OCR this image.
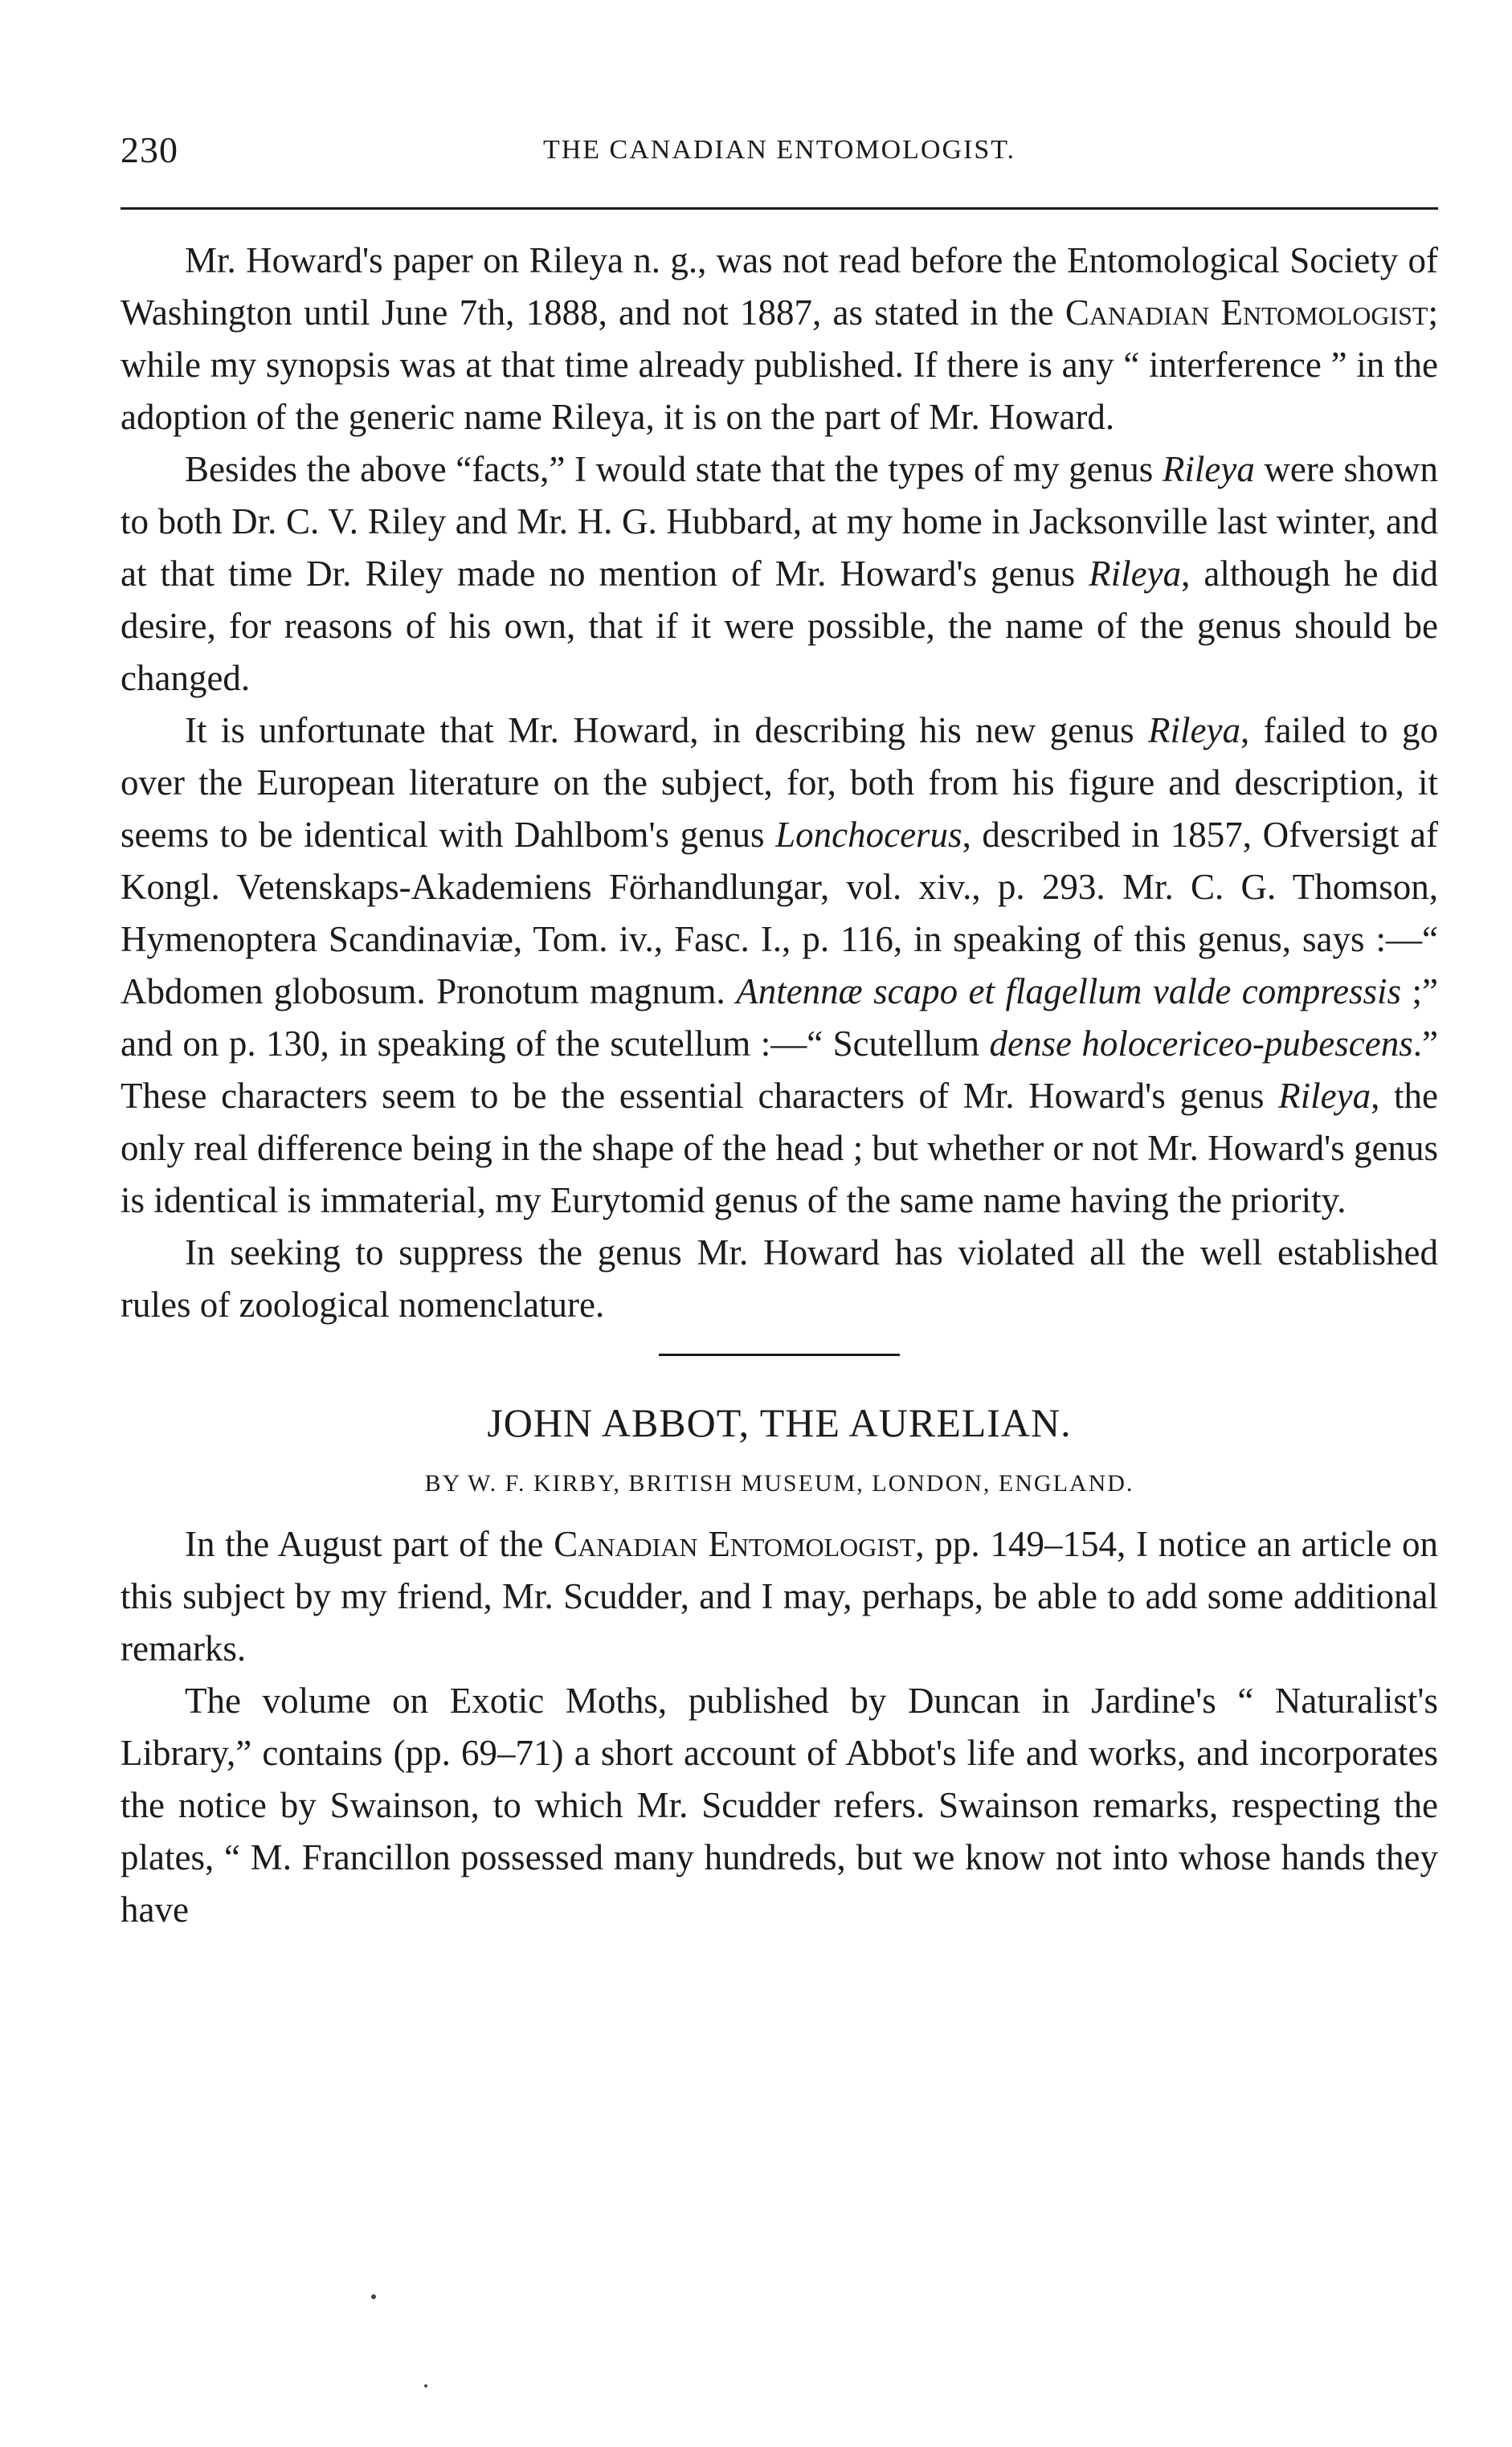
230	THE CANADIAN ENTOMOLOGIST.

Mr. Howard's paper on Rileya n. g., was not read before the Entomological Society of Washington until June 7th, 1888, and not 1887, as stated in the Canadian Entomologist; while my synopsis was at that time already published. If there is any “ interference ” in the adoption of the generic name Rileya, it is on the part of Mr. Howard.

Besides the above “facts,” I would state that the types of my genus Rileya were shown to both Dr. C. V. Riley and Mr. H. G. Hubbard, at my home in Jacksonville last winter, and at that time Dr. Riley made no mention of Mr. Howard's genus Rileya, although he did desire, for reasons of his own, that if it were possible, the name of the genus should be changed.

It is unfortunate that Mr. Howard, in describing his new genus Rileya, failed to go over the European literature on the subject, for, both from his figure and description, it seems to be identical with Dahlbom's genus Lonchocerus, described in 1857, Ofversigt af Kongl. Vetenskaps-Akademiens Förhandlungar, vol. xiv., p. 293. Mr. C. G. Thomson, Hymenoptera Scandinaviæ, Tom. iv., Fasc. I., p. 116, in speaking of this genus, says :—“ Abdomen globosum. Pronotum magnum. Antennæ scapo et flagellum valde compressis ;” and on p. 130, in speaking of the scutellum :—“ Scutellum dense holocericeo-pubescens.” These characters seem to be the essential characters of Mr. Howard's genus Rileya, the only real difference being in the shape of the head ; but whether or not Mr. Howard's genus is identical is immaterial, my Eurytomid genus of the same name having the priority.

In seeking to suppress the genus Mr. Howard has violated all the well established rules of zoological nomenclature.

JOHN ABBOT, THE AURELIAN.
BY W. F. KIRBY, BRITISH MUSEUM, LONDON, ENGLAND.

In the August part of the Canadian Entomologist, pp. 149–154, I notice an article on this subject by my friend, Mr. Scudder, and I may, perhaps, be able to add some additional remarks.

The volume on Exotic Moths, published by Duncan in Jardine's “ Naturalist's Library,” contains (pp. 69–71) a short account of Abbot's life and works, and incorporates the notice by Swainson, to which Mr. Scudder refers. Swainson remarks, respecting the plates, “ M. Francillon possessed many hundreds, but we know not into whose hands they have
